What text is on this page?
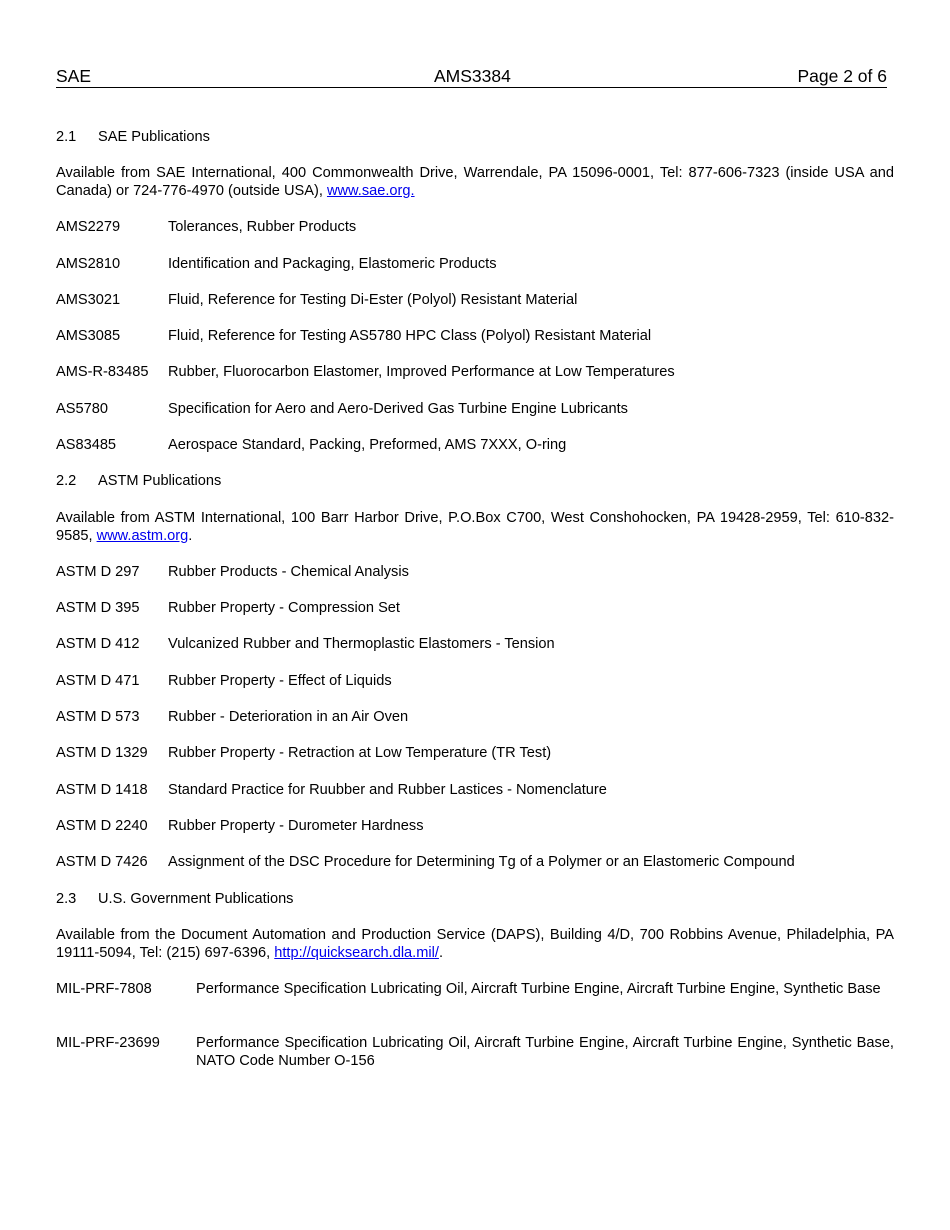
SAE	AMS3384	Page 2 of 6
2.1 SAE Publications
Available from SAE International, 400 Commonwealth Drive, Warrendale, PA 15096-0001, Tel: 877-606-7323 (inside USA and Canada) or 724-776-4970 (outside USA), www.sae.org.
AMS2279	Tolerances, Rubber Products
AMS2810	Identification and Packaging, Elastomeric Products
AMS3021	Fluid, Reference for Testing Di-Ester (Polyol) Resistant Material
AMS3085	Fluid, Reference for Testing AS5780 HPC Class (Polyol) Resistant Material
AMS-R-83485 Rubber, Fluorocarbon Elastomer, Improved Performance at Low Temperatures
AS5780	Specification for Aero and Aero-Derived Gas Turbine Engine Lubricants
AS83485	Aerospace Standard, Packing, Preformed, AMS 7XXX, O-ring
2.2 ASTM Publications
Available from ASTM International, 100 Barr Harbor Drive, P.O.Box C700, West Conshohocken, PA 19428-2959, Tel: 610-832-9585, www.astm.org.
ASTM D 297 Rubber Products - Chemical Analysis
ASTM D 395 Rubber Property - Compression Set
ASTM D 412 Vulcanized Rubber and Thermoplastic Elastomers - Tension
ASTM D 471 Rubber Property - Effect of Liquids
ASTM D 573 Rubber - Deterioration in an Air Oven
ASTM D 1329 Rubber Property - Retraction at Low Temperature (TR Test)
ASTM D 1418 Standard Practice for Ruubber and Rubber Lastices - Nomenclature
ASTM D 2240 Rubber Property - Durometer Hardness
ASTM D 7426 Assignment of the DSC Procedure for Determining Tg of a Polymer or an Elastomeric Compound
2.3 U.S. Government Publications
Available from the Document Automation and Production Service (DAPS), Building 4/D, 700 Robbins Avenue, Philadelphia, PA 19111-5094, Tel: (215) 697-6396, http://quicksearch.dla.mil/.
MIL-PRF-7808	Performance Specification Lubricating Oil, Aircraft Turbine Engine, Aircraft Turbine Engine, Synthetic Base
MIL-PRF-23699 Performance Specification Lubricating Oil, Aircraft Turbine Engine, Aircraft Turbine Engine, Synthetic Base, NATO Code Number O-156
